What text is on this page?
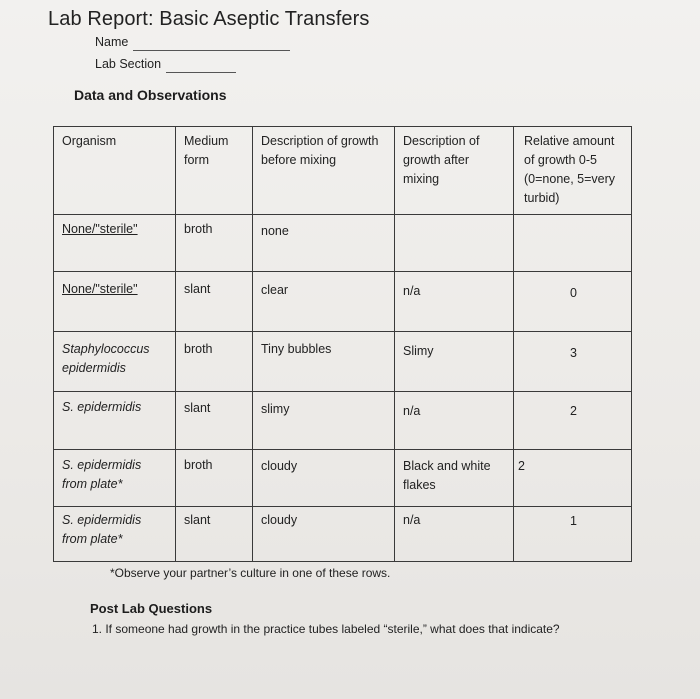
Lab Report: Basic Aseptic Transfers
Name
Lab Section
Data and Observations
Organism	Medium form	Description of growth before mixing	Description of growth after mixing	Relative amount of growth 0-5 (0=none, 5=very turbid)

None/"sterile"	broth	none		

None/"sterile"	slant	clear	n/a	0

Staphylococcus epidermidis	broth	Tiny bubbles	Slimy	3

S. epidermidis	slant	slimy	n/a	2

S. epidermidis from plate*	broth	cloudy	Black and white flakes	2

S. epidermidis from plate*	slant	cloudy	n/a	1
*Observe your partner’s culture in one of these rows.
Post Lab Questions
1. If someone had growth in the practice tubes labeled “sterile,” what does that indicate?
